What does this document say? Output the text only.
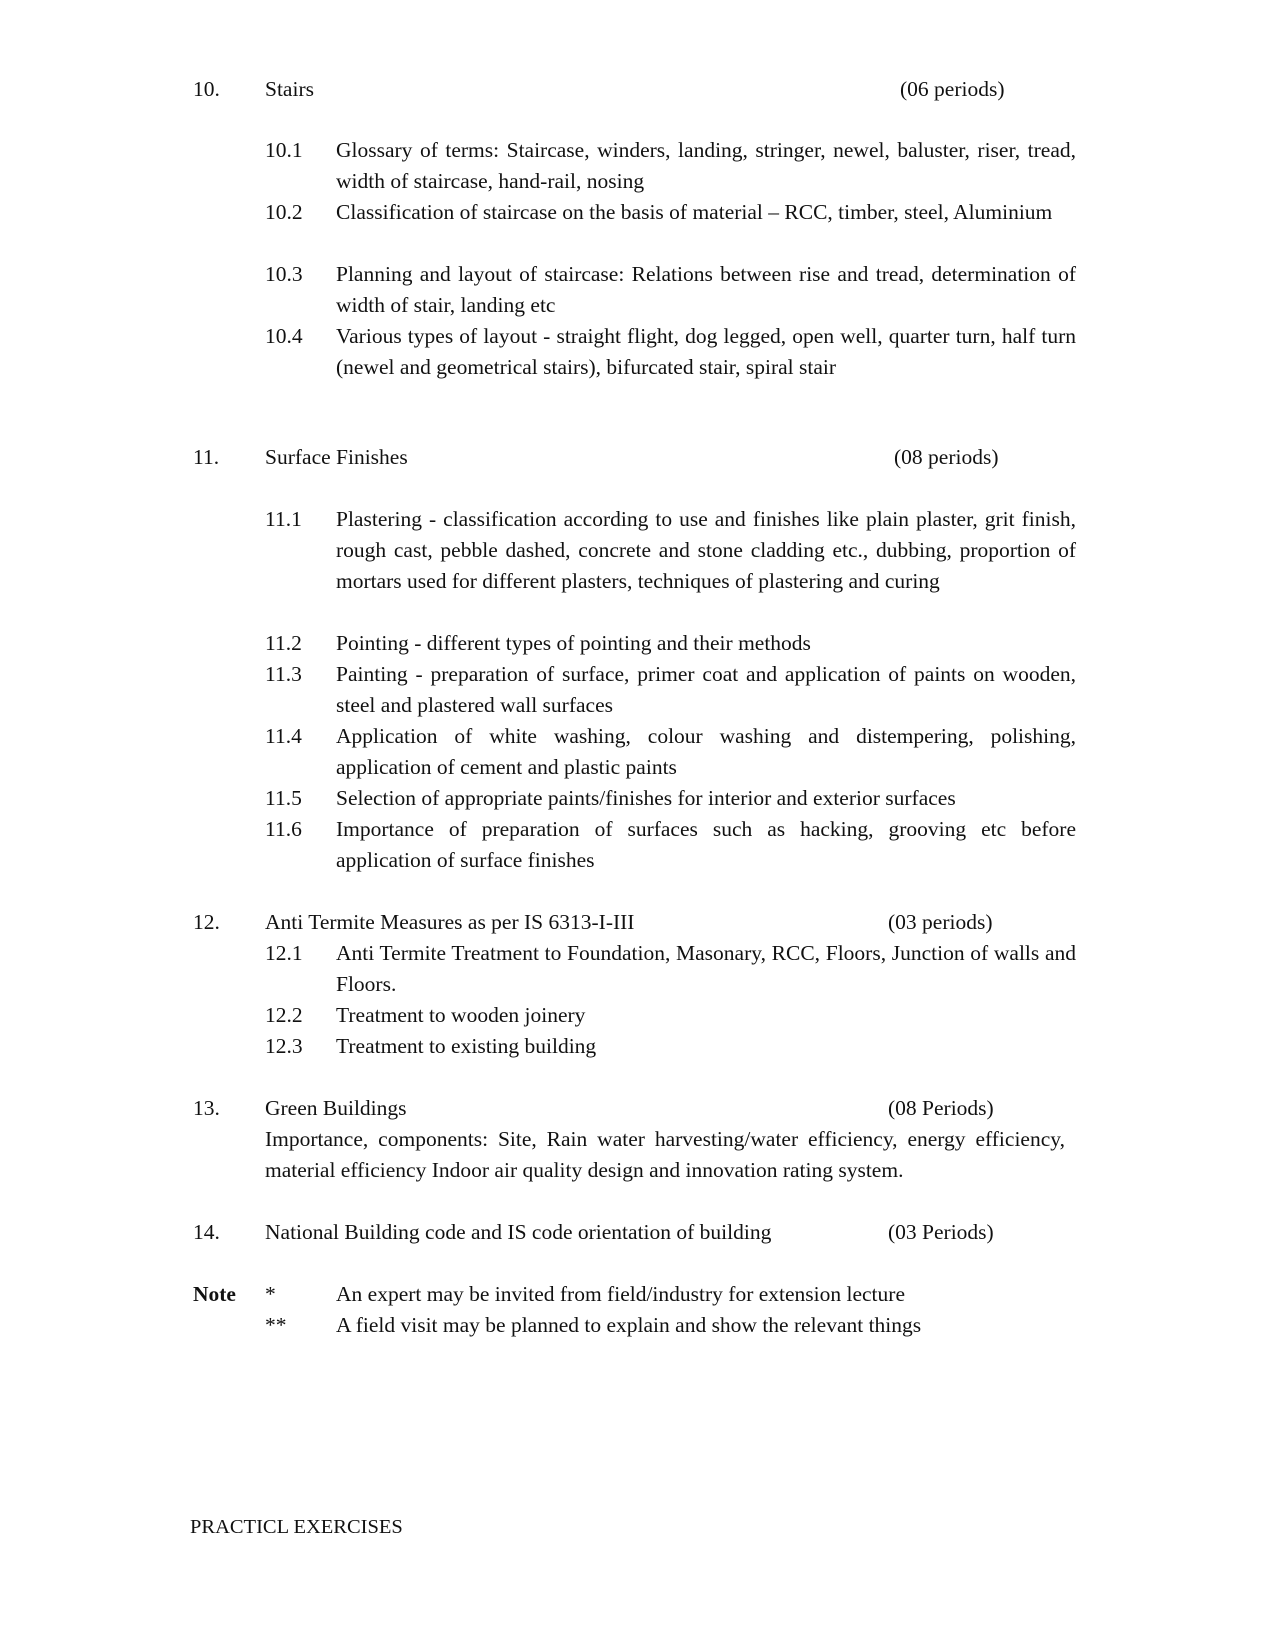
10. Stairs	(06 periods)
10.1 Glossary of terms: Staircase, winders, landing, stringer, newel, baluster, riser, tread, width of staircase, hand-rail, nosing
10.2 Classification of staircase on the basis of material – RCC, timber, steel, Aluminium
10.3 Planning and layout of staircase: Relations between rise and tread, determination of width of stair, landing etc
10.4 Various types of layout - straight flight, dog legged, open well, quarter turn, half turn (newel and geometrical stairs), bifurcated stair, spiral stair
11. Surface Finishes	(08 periods)
11.1 Plastering - classification according to use and finishes like plain plaster, grit finish, rough cast, pebble dashed, concrete and stone cladding etc., dubbing, proportion of mortars used for different plasters, techniques of plastering and curing
11.2 Pointing - different types of pointing and their methods
11.3 Painting - preparation of surface, primer coat and application of paints on wooden, steel and plastered wall surfaces
11.4 Application of white washing, colour washing and distempering, polishing, application of cement and plastic paints
11.5 Selection of appropriate paints/finishes for interior and exterior surfaces
11.6 Importance of preparation of surfaces such as hacking, grooving etc before application of surface finishes
12. Anti Termite Measures as per IS 6313-I-III	(03 periods)
12.1 Anti Termite Treatment to Foundation, Masonary, RCC, Floors, Junction of walls and Floors.
12.2 Treatment to wooden joinery
12.3 Treatment to existing building
13. Green Buildings	(08 Periods)
Importance, components: Site, Rain water harvesting/water efficiency, energy efficiency, material efficiency Indoor air quality design and innovation rating system.
14. National Building code and IS code orientation of building	(03 Periods)
Note *	An expert may be invited from field/industry for extension lecture
** A field visit may be planned to explain and show the relevant things
PRACTICL EXERCISES
